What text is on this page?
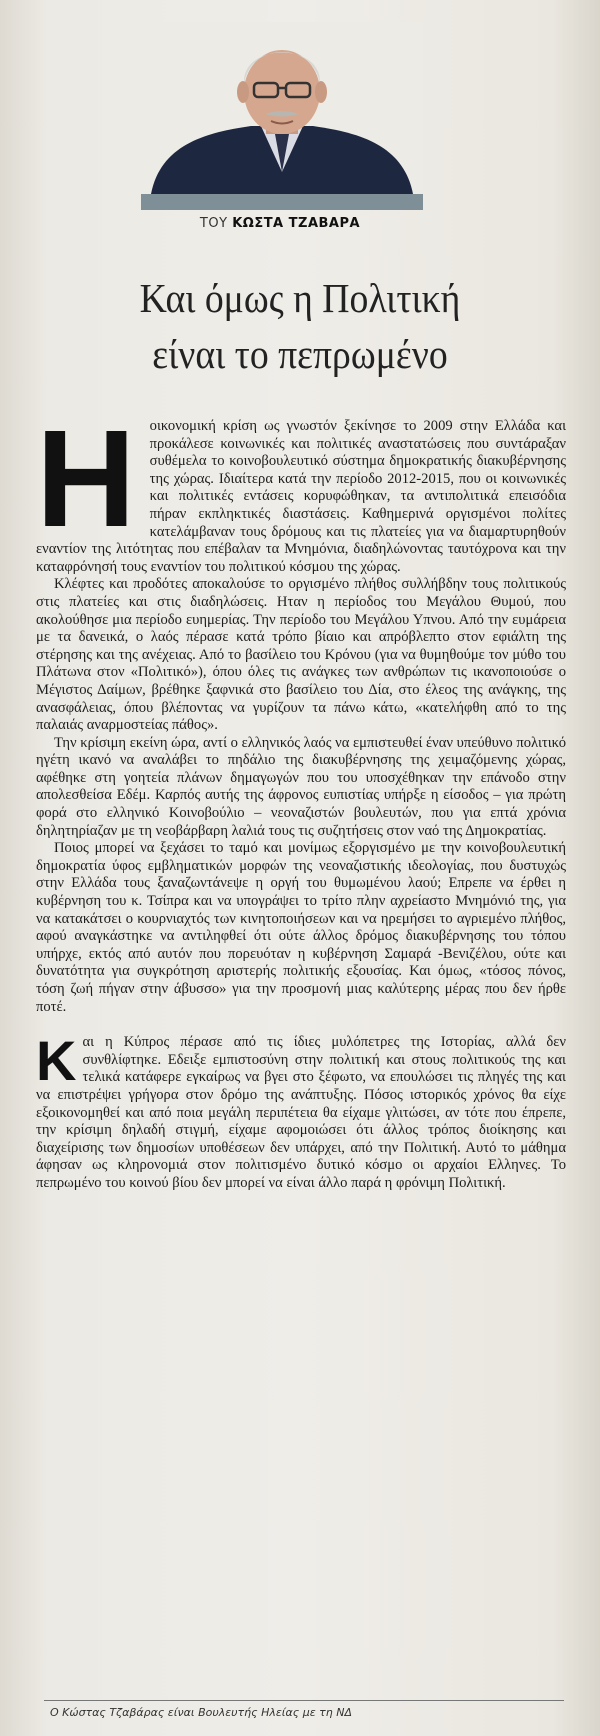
ΤΟΥ ΚΩΣΤΑ ΤΖΑΒΑΡΑ
Και όμως η Πολιτική
είναι το πεπρωμένο

Ηοικονομική κρίση ως γνωστόν ξεκίνησε το 2009 στην Ελλάδα και προκάλεσε κοινωνικές και πολιτικές αναστατώσεις που συντάραξαν συθέμελα το κοινοβουλευτικό σύστημα δημοκρατικής διακυβέρνησης της χώρας. Ιδιαίτερα κατά την περίοδο 2012-2015, που οι κοινωνικές και πολιτικές εντάσεις κορυφώθηκαν, τα αντιπολιτικά επεισόδια πήραν εκπληκτικές διαστάσεις. Καθημερινά οργισμένοι πολίτες κατελάμβαναν τους δρόμους και τις πλατείες για να διαμαρτυρηθούν εναντίον της λιτότητας που επέβαλαν τα Μνημόνια, διαδηλώνοντας ταυτόχρονα και την καταφρόνησή τους εναντίον του πολιτικού κόσμου της χώρας.

Κλέφτες και προδότες αποκαλούσε το οργισμένο πλήθος συλλήβδην τους πολιτικούς στις πλατείες και στις διαδηλώσεις. Ηταν η περίοδος του Μεγάλου Θυμού, που ακολούθησε μια περίοδο ευημερίας. Την περίοδο του Μεγάλου Υπνου. Από την ευμάρεια με τα δανεικά, ο λαός πέρασε κατά τρόπο βίαιο και απρόβλεπτο στον εφιάλτη της στέρησης και της ανέχειας. Από το βασίλειο του Κρόνου (για να θυμηθούμε τον μύθο του Πλάτωνα στον «Πολιτικό»), όπου όλες τις ανάγκες των ανθρώπων τις ικανοποιούσε ο Μέγιστος Δαίμων, βρέθηκε ξαφνικά στο βασίλειο του Δία, στο έλεος της ανάγκης, της ανασφάλειας, όπου βλέποντας να γυρίζουν τα πάνω κάτω, «κατελήφθη από το της παλαιάς αναρμοστείας πάθος».

Την κρίσιμη εκείνη ώρα, αντί ο ελληνικός λαός να εμπιστευθεί έναν υπεύθυνο πολιτικό ηγέτη ικανό να αναλάβει το πηδάλιο της διακυβέρνησης της χειμαζόμενης χώρας, αφέθηκε στη γοητεία πλάνων δημαγωγών που του υποσχέθηκαν την επάνοδο στην απολεσθείσα Εδέμ. Καρπός αυτής της άφρονος ευπιστίας υπήρξε η είσοδος – για πρώτη φορά στο ελληνικό Κοινοβούλιο – νεοναζιστών βουλευτών, που για επτά χρόνια δηλητηρίαζαν με τη νεοβάρβαρη λαλιά τους τις συζητήσεις στον ναό της Δημοκρατίας.

Ποιος μπορεί να ξεχάσει το ταμό και μονίμως εξοργισμένο με την κοινοβουλευτική δημοκρατία ύφος εμβληματικών μορφών της νεοναζιστικής ιδεολογίας, που δυστυχώς στην Ελλάδα τους ξαναζωντάνεψε η οργή του θυμωμένου λαού; Επρεπε να έρθει η κυβέρνηση του κ. Τσίπρα και να υπογράψει το τρίτο πλην αχρείαστο Μνημόνιό της, για να κατακάτσει ο κουρνιαχτός των κινητοποιήσεων και να ηρεμήσει το αγριεμένο πλήθος, αφού αναγκάστηκε να αντιληφθεί ότι ούτε άλλος δρόμος διακυβέρνησης του τόπου υπήρχε, εκτός από αυτόν που πορευόταν η κυβέρνηση Σαμαρά -Βενιζέλου, ούτε και δυνατότητα για συγκρότηση αριστερής πολιτικής εξουσίας. Και όμως, «τόσος πόνος, τόση ζωή πήγαν στην άβυσσο» για την προσμονή μιας καλύτερης μέρας που δεν ήρθε ποτέ.

Και η Κύπρος πέρασε από τις ίδιες μυλόπετρες της Ιστορίας, αλλά δεν συνθλίφτηκε. Εδειξε εμπιστοσύνη στην πολιτική και στους πολιτικούς της και τελικά κατάφερε εγκαίρως να βγει στο ξέφωτο, να επουλώσει τις πληγές της και να επιστρέψει γρήγορα στον δρόμο της ανάπτυξης. Πόσος ιστορικός χρόνος θα είχε εξοικονομηθεί και από ποια μεγάλη περιπέτεια θα είχαμε γλιτώσει, αν τότε που έπρεπε, την κρίσιμη δηλαδή στιγμή, είχαμε αφομοιώσει ότι άλλος τρόπος διοίκησης και διαχείρισης των δημοσίων υποθέσεων δεν υπάρχει, από την Πολιτική. Αυτό το μάθημα άφησαν ως κληρονομιά στον πολιτισμένο δυτικό κόσμο οι αρχαίοι Ελληνες. Το πεπρωμένο του κοινού βίου δεν μπορεί να είναι άλλο παρά η φρόνιμη Πολιτική.

Ο Κώστας Τζαβάρας είναι Βουλευτής Ηλείας με τη ΝΔ
